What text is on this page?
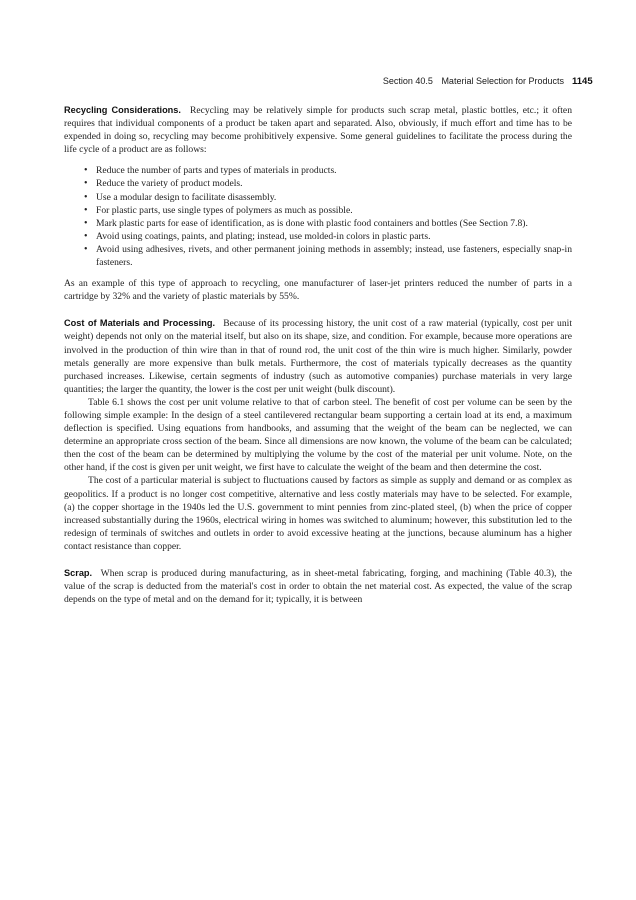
Section 40.5 Material Selection for Products 1145

Recycling Considerations. Recycling may be relatively simple for products such scrap metal, plastic bottles, etc.; it often requires that individual components of a product be taken apart and separated. Also, obviously, if much effort and time has to be expended in doing so, recycling may become prohibitively expensive. Some general guidelines to facilitate the process during the life cycle of a product are as follows:

• Reduce the number of parts and types of materials in products.
• Reduce the variety of product models.
• Use a modular design to facilitate disassembly.
• For plastic parts, use single types of polymers as much as possible.
• Mark plastic parts for ease of identification, as is done with plastic food containers and bottles (See Section 7.8).
• Avoid using coatings, paints, and plating; instead, use molded-in colors in plastic parts.
• Avoid using adhesives, rivets, and other permanent joining methods in assembly; instead, use fasteners, especially snap-in fasteners.

As an example of this type of approach to recycling, one manufacturer of laser-jet printers reduced the number of parts in a cartridge by 32% and the variety of plastic materials by 55%.

Cost of Materials and Processing. Because of its processing history, the unit cost of a raw material (typically, cost per unit weight) depends not only on the material itself, but also on its shape, size, and condition. For example, because more operations are involved in the production of thin wire than in that of round rod, the unit cost of the thin wire is much higher. Similarly, powder metals generally are more expensive than bulk metals. Furthermore, the cost of materials typically decreases as the quantity purchased increases. Likewise, certain segments of industry (such as automotive companies) purchase materials in very large quantities; the larger the quantity, the lower is the cost per unit weight (bulk discount).

Table 6.1 shows the cost per unit volume relative to that of carbon steel. The benefit of cost per volume can be seen by the following simple example: In the design of a steel cantilevered rectangular beam supporting a certain load at its end, a maximum deflection is specified. Using equations from handbooks, and assuming that the weight of the beam can be neglected, we can determine an appropriate cross section of the beam. Since all dimensions are now known, the volume of the beam can be calculated; then the cost of the beam can be determined by multiplying the volume by the cost of the material per unit volume. Note, on the other hand, if the cost is given per unit weight, we first have to calculate the weight of the beam and then determine the cost.

The cost of a particular material is subject to fluctuations caused by factors as simple as supply and demand or as complex as geopolitics. If a product is no longer cost competitive, alternative and less costly materials may have to be selected. For example, (a) the copper shortage in the 1940s led the U.S. government to mint pennies from zinc-plated steel, (b) when the price of copper increased substantially during the 1960s, electrical wiring in homes was switched to aluminum; however, this substitution led to the redesign of terminals of switches and outlets in order to avoid excessive heating at the junctions, because aluminum has a higher contact resistance than copper.

Scrap. When scrap is produced during manufacturing, as in sheet-metal fabricating, forging, and machining (Table 40.3), the value of the scrap is deducted from the material's cost in order to obtain the net material cost. As expected, the value of the scrap depends on the type of metal and on the demand for it; typically, it is between
